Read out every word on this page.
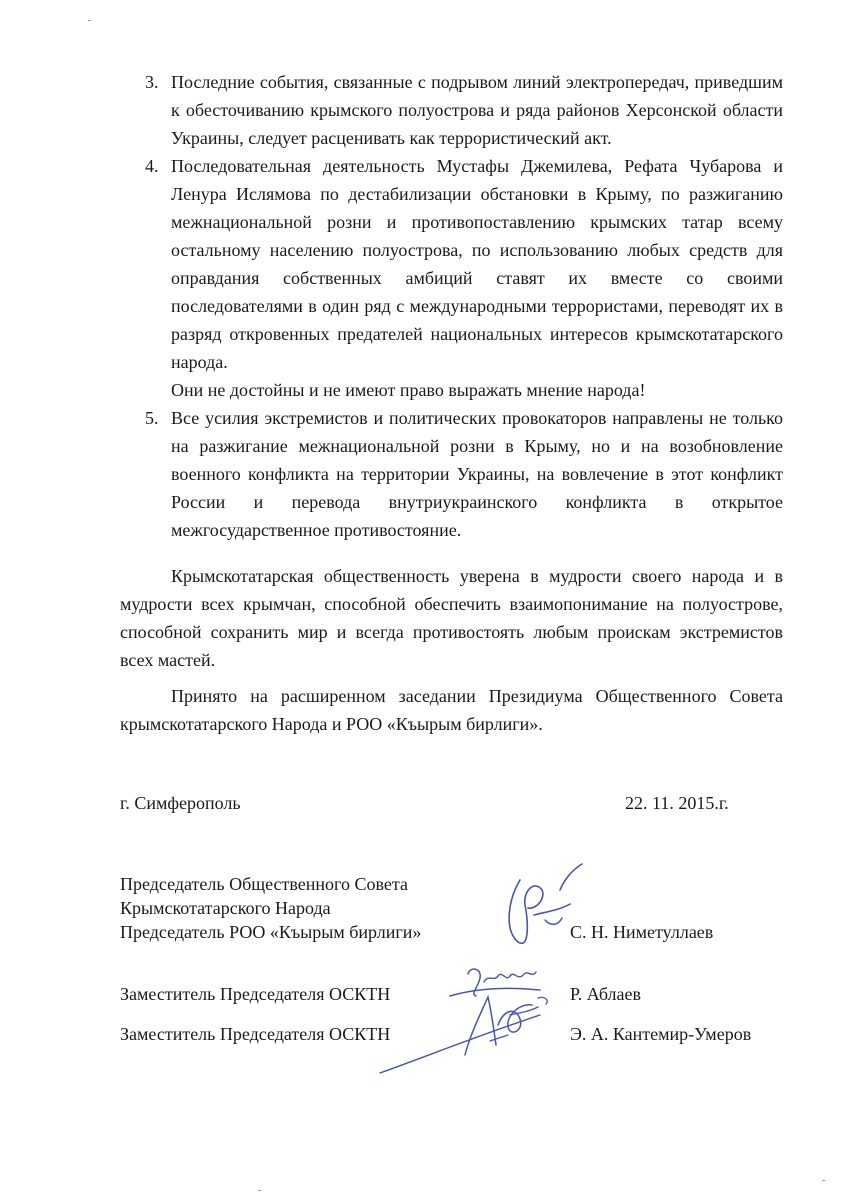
3. Последние события, связанные с подрывом линий электропередач, приведшим к обесточиванию крымского полуострова и ряда районов Херсонской области Украины, следует расценивать как террористический акт.

4. Последовательная деятельность Мустафы Джемилева, Рефата Чубарова и Ленура Ислямова по дестабилизации обстановки в Крыму, по разжиганию межнациональной розни и противопоставлению крымских татар всему остальному населению полуострова, по использованию любых средств для оправдания собственных амбиций ставят их вместе со своими последователями в один ряд с международными террористами, переводят их в разряд откровенных предателей национальных интересов крымскотатарского народа.

Они не достойны и не имеют право выражать мнение народа!

5. Все усилия экстремистов и политических провокаторов направлены не только на разжигание межнациональной розни в Крыму, но и на возобновление военного конфликта на территории Украины, на вовлечение в этот конфликт России и перевода внутриукраинского конфликта в открытое межгосударственное противостояние.

Крымскотатарская общественность уверена в мудрости своего народа и в мудрости всех крымчан, способной обеспечить взаимопонимание на полуострове, способной сохранить мир и всегда противостоять любым проискам экстремистов всех мастей.

Принято на расширенном заседании Президиума Общественного Совета крымскотатарского Народа и РОО «Къырым бирлиги».

г. Симферополь	22. 11. 2015.г.
Председатель Общественного Совета
Крымскотатарского Народа
Председатель РОО «Къырым бирлиги»	С. Н. Ниметуллаев
Заместитель Председателя ОСКТН	Р. Аблаев
Заместитель Председателя ОСКТН	Э. А. Кантемир-Умеров
